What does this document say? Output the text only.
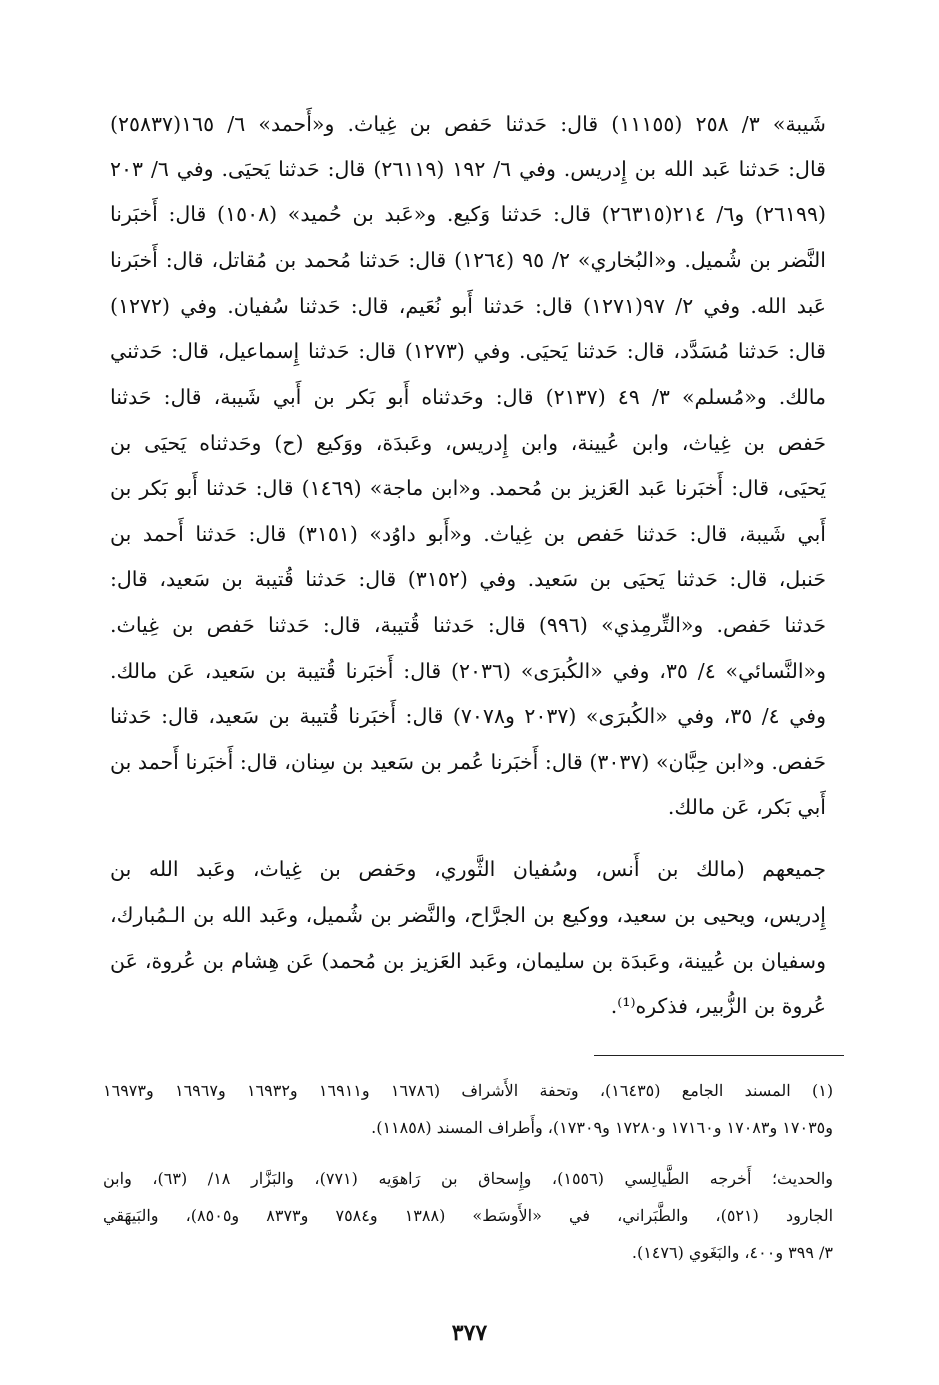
شَيبة» ٣/ ٢٥٨ (١١١٥٥) قال: حَدثنا حَفص بن غِياث. و«أَحمد» ٦/ ١٦٥(٢٥٨٣٧)
قال: حَدثنا عَبد الله بن إِدريس. وفي ٦/ ١٩٢ (٢٦١١٩) قال: حَدثنا يَحيَى. وفي ٦/ ٢٠٣
(٢٦١٩٩) و٦/ ٢١٤(٢٦٣١٥) قال: حَدثنا وَكيع. و«عَبد بن حُميد» (١٥٠٨) قال: أَخبَرنا
النَّضر بن شُميل. و«البُخاري» ٢/ ٩٥ (١٢٦٤) قال: حَدثنا مُحمد بن مُقاتل، قال: أَخبَرنا
عَبد الله. وفي ٢/ ٩٧(١٢٧١) قال: حَدثنا أَبو نُعَيم، قال: حَدثنا سُفيان. وفي (١٢٧٢)
قال: حَدثنا مُسَدَّد، قال: حَدثنا يَحيَى. وفي (١٢٧٣) قال: حَدثنا إِسماعيل، قال: حَدثني
مالك. و«مُسلم» ٣/ ٤٩ (٢١٣٧) قال: وحَدثناه أَبو بَكر بن أَبي شَيبة، قال: حَدثنا
حَفص بن غِياث، وابن عُيينة، وابن إِدريس، وعَبدَة، ووَكيع (ح) وحَدثناه يَحيَى بن
يَحيَى، قال: أَخبَرنا عَبد العَزيز بن مُحمد. و«ابن ماجة» (١٤٦٩) قال: حَدثنا أَبو بَكر بن
أَبي شَيبة، قال: حَدثنا حَفص بن غِياث. و«أَبو داوُد» (٣١٥١) قال: حَدثنا أَحمد بن
حَنبل، قال: حَدثنا يَحيَى بن سَعيد. وفي (٣١٥٢) قال: حَدثنا قُتيبة بن سَعيد، قال:
حَدثنا حَفص. و«التِّرمِذي» (٩٩٦) قال: حَدثنا قُتيبة، قال: حَدثنا حَفص بن غِياث.
و«النَّسائي» ٤/ ٣٥، وفي «الكُبرَى» (٢٠٣٦) قال: أَخبَرنا قُتيبة بن سَعيد، عَن مالك.
وفي ٤/ ٣٥، وفي «الكُبرَى» (٢٠٣٧ و٧٠٧٨) قال: أَخبَرنا قُتيبة بن سَعيد، قال: حَدثنا
حَفص. و«ابن حِبَّان» (٣٠٣٧) قال: أَخبَرنا عُمر بن سَعيد بن سِنان، قال: أَخبَرنا أَحمد بن
أَبي بَكر، عَن مالك.
جميعهم (مالك بن أَنس، وسُفيان الثَّوري، وحَفص بن غِياث، وعَبد الله بن
إِدريس، ويحيى بن سعيد، ووكيع بن الجرَّاح، والنَّضر بن شُميل، وعَبد الله بن الـمُبارك،
وسفيان بن عُيينة، وعَبدَة بن سليمان، وعَبد العَزيز بن مُحمد) عَن هِشام بن عُروة، عَن
عُروة بن الزُّبير، فذكره⁽¹⁾.
(١) المسند الجامع (١٦٤٣٥)، وتحفة الأَشراف (١٦٧٨٦ و١٦٩١١ و١٦٩٣٢ و١٦٩٦٧ و١٦٩٧٣
و١٧٠٣٥ و١٧٠٨٣ و١٧١٦٠ و١٧٢٨٠ و١٧٣٠٩)، وأَطراف المسند (١١٨٥٨).
والحديث؛ أَخرجه الطَّيالِسي (١٥٥٦)، وإِسحاق بن رَاهوَيه (٧٧١)، والبَزَّار ١٨/ (٦٣)، وابن
الجارود (٥٢١)، والطَّبَراني، في «الأَوسَط» (١٣٨٨ و٧٥٨٤ و٨٣٧٣ و٨٥٠٥)، والبَيهَقي
٣/ ٣٩٩ و٤٠٠، والبَغَوي (١٤٧٦).
٣٧٧
